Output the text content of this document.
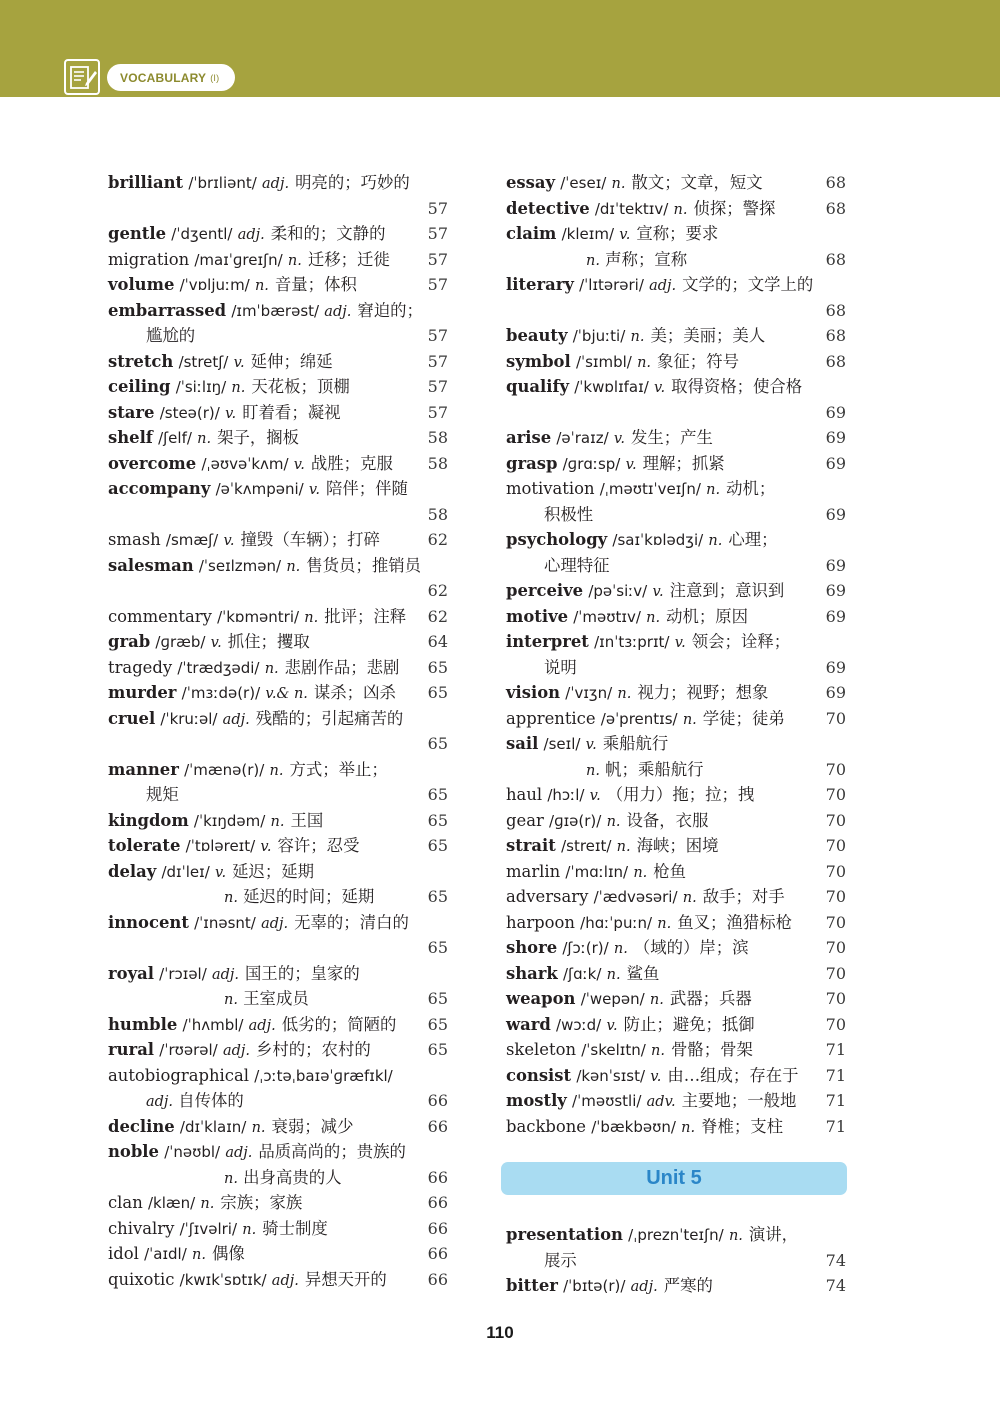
VOCABULARY (I)
brilliant /ˈbrɪliənt/ adj. 明亮的；巧妙的
57
gentle /ˈdʒentl/ adj. 柔和的；文静的	57
migration /maɪˈɡreɪʃn/ n. 迁移；迁徙 57
volume /ˈvɒljuːm/ n. 音量；体积	57
embarrassed /ɪmˈbærəst/ adj. 窘迫的；
尴尬的	57
stretch /stretʃ/ v. 延伸；绵延	57
ceiling /ˈsiːlɪŋ/ n. 天花板；顶棚	57
stare /steə(r)/ v. 盯着看；凝视	57
shelf /ʃelf/ n. 架子，搁板	58
overcome /ˌəʊvəˈkʌm/ v. 战胜；克服 58
accompany /əˈkʌmpəni/ v. 陪伴；伴随
58
smash /smæʃ/ v. 撞毁（车辆）；打碎	62
salesman /ˈseɪlzmən/ n. 售货员；推销员
62
commentary /ˈkɒməntri/ n. 批评；注释 62
grab /ɡræb/ v. 抓住；攫取	64
tragedy /ˈtrædʒədi/ n. 悲剧作品；悲剧 65
murder /ˈmɜːdə(r)/ v.& n. 谋杀；凶杀 65
cruel /ˈkruːəl/ adj. 残酷的；引起痛苦的
65
manner /ˈmænə(r)/ n. 方式；举止；
规矩	65
kingdom /ˈkɪŋdəm/ n. 王国	65
tolerate /ˈtɒləreɪt/ v. 容许；忍受	65
delay /dɪˈleɪ/ v. 延迟；延期
n. 延迟的时间；延期	65
innocent /ˈɪnəsnt/ adj. 无辜的；清白的
65
royal /ˈrɔɪəl/ adj. 国王的；皇家的
n. 王室成员	65
humble /ˈhʌmbl/ adj. 低劣的；简陋的 65
rural /ˈrʊərəl/ adj. 乡村的；农村的	65
autobiographical /ˌɔːtəˌbaɪəˈɡræfɪkl/
adj. 自传体的	66
decline /dɪˈklaɪn/ n. 衰弱；减少	66
noble /ˈnəʊbl/ adj. 品质高尚的；贵族的
n. 出身高贵的人	66
clan /klæn/ n. 宗族；家族	66
chivalry /ˈʃɪvəlri/ n. 骑士制度	66
idol /ˈaɪdl/ n. 偶像	66
quixotic /kwɪkˈsɒtɪk/ adj. 异想天开的	66
essay /ˈeseɪ/ n. 散文；文章，短文	68
detective /dɪˈtektɪv/ n. 侦探；警探	68
claim /kleɪm/ v. 宣称；要求
n. 声称；宣称	68
literary /ˈlɪtərəri/ adj. 文学的；文学上的
68
beauty /ˈbjuːti/ n. 美；美丽；美人	68
symbol /ˈsɪmbl/ n. 象征；符号	68
qualify /ˈkwɒlɪfaɪ/ v. 取得资格；使合格
69
arise /əˈraɪz/ v. 发生；产生	69
grasp /ɡrɑːsp/ v. 理解；抓紧	69
motivation /ˌməʊtɪˈveɪʃn/ n. 动机；
积极性	69
psychology /saɪˈkɒlədʒi/ n. 心理；
心理特征	69
perceive /pəˈsiːv/ v. 注意到；意识到	69
motive /ˈməʊtɪv/ n. 动机；原因	69
interpret /ɪnˈtɜːprɪt/ v. 领会；诠释；
说明	69
vision /ˈvɪʒn/ n. 视力；视野；想象	69
apprentice /əˈprentɪs/ n. 学徒；徒弟	70
sail /seɪl/ v. 乘船航行
n. 帆；乘船航行	70
haul /hɔːl/ v. （用力）拖；拉；拽	70
gear /ɡɪə(r)/ n. 设备，衣服	70
strait /streɪt/ n. 海峡；困境	70
marlin /ˈmɑːlɪn/ n. 枪鱼	70
adversary /ˈædvəsəri/ n. 敌手；对手	70
harpoon /hɑːˈpuːn/ n. 鱼叉；渔猎标枪 70
shore /ʃɔː(r)/ n. （域的）岸；滨	70
shark /ʃɑːk/ n. 鲨鱼	70
weapon /ˈwepən/ n. 武器；兵器	70
ward /wɔːd/ v. 防止；避免；抵御	70
skeleton /ˈskelɪtn/ n. 骨骼；骨架	71
consist /kənˈsɪst/ v. 由…组成；存在于 71
mostly /ˈməʊstli/ adv. 主要地；一般地 71
backbone /ˈbækbəʊn/ n. 脊椎；支柱	71
Unit 5
presentation /ˌpreznˈteɪʃn/ n. 演讲，
展示	74
bitter /ˈbɪtə(r)/ adj. 严寒的	74
110
